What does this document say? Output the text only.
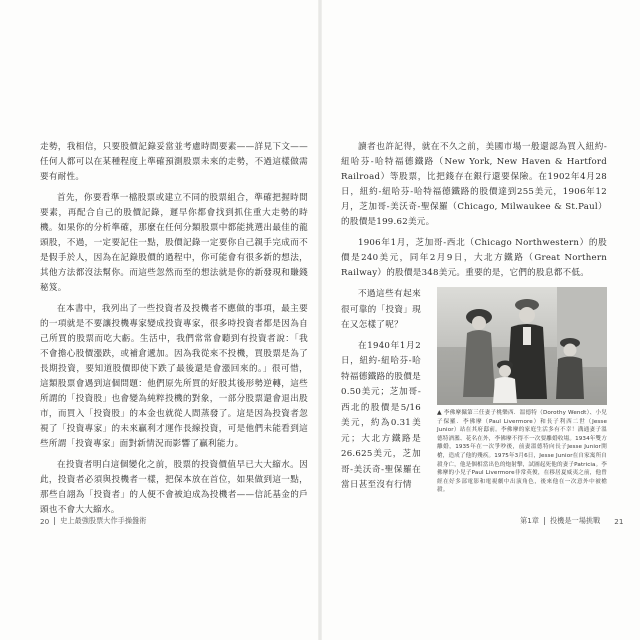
走勢，我相信，只要股價記錄妥當並考慮時間要素——詳見下文——任何人都可以在某種程度上準確預測股票未來的走勢，不過這樣做需要有耐性。

首先，你要看準一檔股票或建立不同的股票組合，準確把握時間要素，再配合自己的股價記錄，遲早你都會找到抓住重大走勢的時機。如果你的分析準確，那麼在任何分類股票中都能挑選出最佳的龍頭股，不過，一定要記住一點，股價記錄一定要你自己親手完成而不是假手於人，因為在記錄股價的過程中，你可能會有很多新的想法，其他方法都沒法幫你。而這些忽然而至的想法就是你的新發現和賺錢秘笈。

在本書中，我列出了一些投資者及投機者不應做的事項，最主要的一項就是不要讓投機專家變成投資專家，很多時投資者都是因為自己所買的股票而吃大虧。生活中，我們常常會聽到有投資者說：「我不會擔心股價漲跌，或補倉遞加。因為我從來不投機，買股票是為了長期投資，要知道股價即使下跌了最後還是會漲回來的。」很可惜，這類股票會遇到這個問題：他們原先所買的好股其後形勢逆轉，這些所謂的「投資股」也會變為純粹投機的對象，一部分股票還會退出股市，而買入「投資股」的本金也就從人間蒸發了。這是因為投資者忽視了「投資專家」的未來贏利才運作長線投資，可是他們未能看到這些所謂「投資專家」面對新情況而影響了贏利能力。

在投資者明白這個變化之前，股票的投資價值早已大大縮水。因此，投資者必須與投機者一樣，把保本放在首位，如果做到這一點，那些自詡為「投資者」的人便不會被迫成為投機者——信託基金的戶頭也不會大大縮水。

20 史上最強股票大作手操盤術

讀者也許記得，就在不久之前，美國市場一般還認為買入紐約-紐哈芬-哈特福德鐵路（New York, New Haven & Hartford Railroad）等股票，比把錢存在銀行還要保險。在1902年4月28日，紐約-紐哈芬-哈特福德鐵路的股價達到255美元，1906年12月，芝加哥-美沃奇-聖保羅（Chicago, Milwaukee & St.Paul）的股價是199.62美元。

1906年1月，芝加哥-西北（Chicago Northwestern）的股價是240美元，同年2月9日，大北方鐵路（Great Northern Railway）的股價是348美元。重要的是，它們的股息都不低。

不過這些有起來很可靠的「投資」現在又怎樣了呢？

在1940年1月2日，紐約-紐哈芬-哈特福德鐵路的股價是0.50美元；芝加哥-西北的股價是5/16美元，約為0.31美元；大北方鐵路是26.625美元，芝加哥-美沃奇-聖保羅在當日甚至沒有行情

▲ 李佛摩攝第三任妻子桃樂西．溫德特（Dorothy Wendt）、小兒子保羅．李佛摩（Paul Livermore）和長子利西二世（Jesse Junior）站在其府邸前。李佛摩的家庭生活多有不幸！溝通妻子溫德特酒濫、花名在外，李佛摩不得不一次要離婚收場。1934年雙方離婚，1935年在一次爭吵後，前妻溫德特向長子Jesse Junior開槍，造成了他的殘疾。1975年3月6日，Jesse Junior在自家寓所自殺身亡，他是個相當出色的炮射擊，試圖起死他的妻子Patricia。李佛摩的小兒子Paul Livermore非常英俊，在移居夏威夷之前，他曾經在好多部電影和電視劇中出演角色，後來他在一次意外中被槍殺。
第1章 投機是一場挑戰 21
